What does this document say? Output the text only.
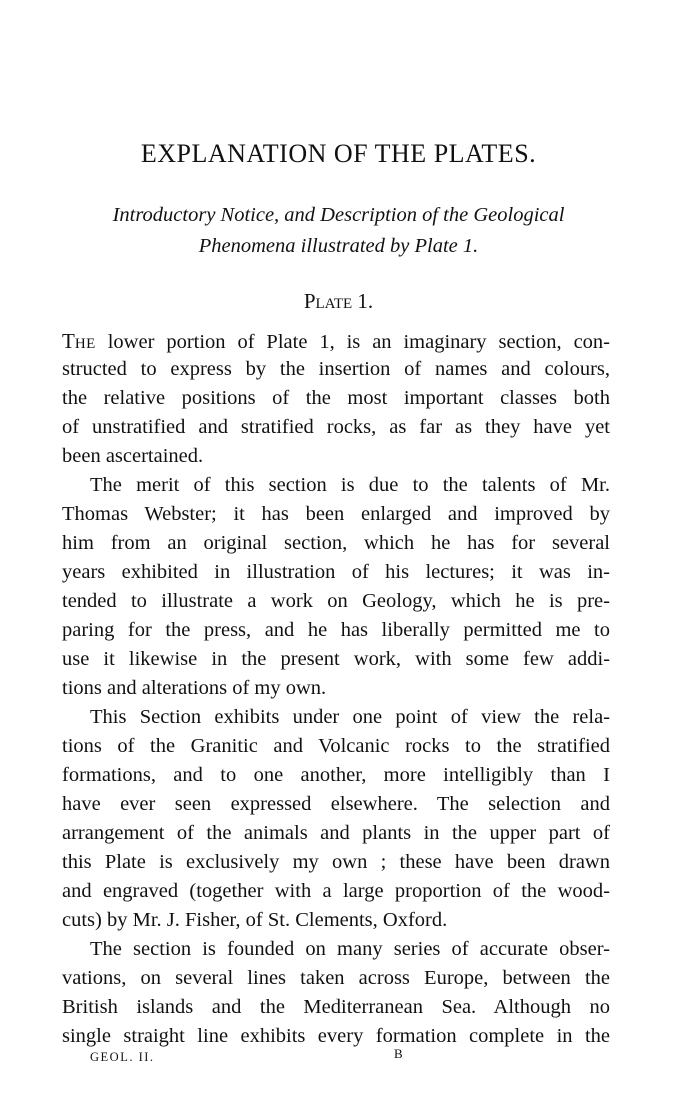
EXPLANATION OF THE PLATES.
Introductory Notice, and Description of the Geological
Phenomena illustrated by Plate 1.
PLATE 1.
THE lower portion of Plate 1, is an imaginary section, con-
structed to express by the insertion of names and colours,
the relative positions of the most important classes both
of unstratified and stratified rocks, as far as they have yet
been ascertained.
The merit of this section is due to the talents of Mr.
Thomas Webster; it has been enlarged and improved by
him from an original section, which he has for several
years exhibited in illustration of his lectures; it was in-
tended to illustrate a work on Geology, which he is pre-
paring for the press, and he has liberally permitted me to
use it likewise in the present work, with some few addi-
tions and alterations of my own.
This Section exhibits under one point of view the rela-
tions of the Granitic and Volcanic rocks to the stratified
formations, and to one another, more intelligibly than I
have ever seen expressed elsewhere. The selection and
arrangement of the animals and plants in the upper part of
this Plate is exclusively my own ; these have been drawn
and engraved (together with a large proportion of the wood-
cuts) by Mr. J. Fisher, of St. Clements, Oxford.
The section is founded on many series of accurate obser-
vations, on several lines taken across Europe, between the
British islands and the Mediterranean Sea. Although no
single straight line exhibits every formation complete in the
GEOL. II.	B
